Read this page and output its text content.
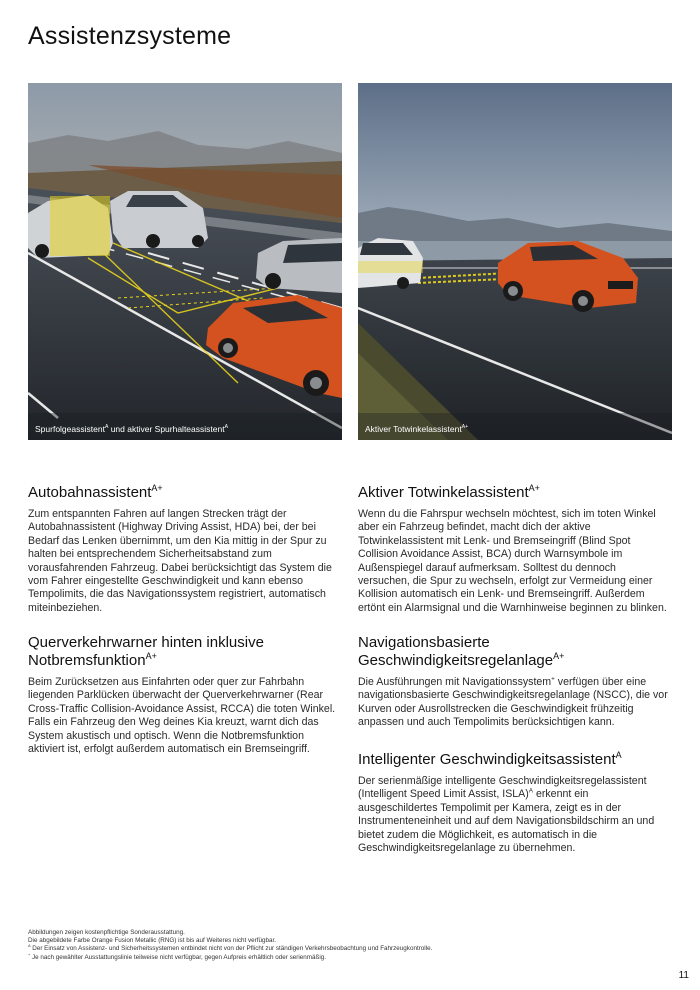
Assistenzsysteme
Spurfolgeassistent$^A$ und aktiver Spurhalteassistent$^A$	Aktiver Totwinkelassistent$^{A+}$
Autobahnassistent$^{A+}$

Zum entspannten Fahren auf langen Strecken trägt der Autobahnassistent (Highway Driving Assist, HDA) bei, der bei Bedarf das Lenken übernimmt, um den Kia mittig in der Spur zu halten bei entsprechendem Sicherheitsabstand zum vorausfahrenden Fahrzeug. Dabei berücksichtigt das System die vom Fahrer eingestellte Geschwindigkeit und kann ebenso Tempolimits, die das Navigationssystem registriert, automatisch miteinbeziehen.

Querverkehrwarner hinten inklusive Notbremsfunktion$^{A+}$

Beim Zurücksetzen aus Einfahrten oder quer zur Fahrbahn liegenden Parklücken überwacht der Querverkehrwarner (Rear Cross-Traffic Collision-Avoidance Assist, RCCA) die toten Winkel. Falls ein Fahrzeug den Weg deines Kia kreuzt, warnt dich das System akustisch und optisch. Wenn die Notbremsfunktion aktiviert ist, erfolgt außerdem automatisch ein Bremseingriff.

Aktiver Totwinkelassistent$^{A+}$

Wenn du die Fahrspur wechseln möchtest, sich im toten Winkel aber ein Fahrzeug befindet, macht dich der aktive Totwinkelassistent mit Lenk- und Bremseingriff (Blind Spot Collision Avoidance Assist, BCA) durch Warnsymbole im Außenspiegel darauf aufmerksam. Solltest du dennoch versuchen, die Spur zu wechseln, erfolgt zur Vermeidung einer Kollision automatisch ein Lenk- und Bremseingriff. Außerdem ertönt ein Alarmsignal und die Warnhinweise beginnen zu blinken.

Navigationsbasierte Geschwindigkeitsregelanlage$^{A+}$

Die Ausführungen mit Navigationssystem+ verfügen über eine navigationsbasierte Geschwindigkeitsregelanlage (NSCC), die vor Kurven oder Ausrollstrecken die Geschwindigkeit frühzeitig anpassen und auch Tempolimits berücksichtigen kann.

Intelligenter Geschwindigkeitsassistent$^A$

Der serienmäßige intelligente Geschwindigkeitsregelassistent (Intelligent Speed Limit Assist, ISLA)$^A$ erkennt ein ausgeschildertes Tempolimit per Kamera, zeigt es in der Instrumenteneinheit und auf dem Navigationsbildschirm an und bietet zudem die Möglichkeit, es automatisch in die Geschwindigkeitsregelanlage zu übernehmen.

Abbildungen zeigen kostenpflichtige Sonderausstattung.
Die abgebildete Farbe Orange Fusion Metallic (RNG) ist bis auf Weiteres nicht verfügbar.
$^A$ Der Einsatz von Assistenz- und Sicherheitssystemen entbindet nicht von der Pflicht zur ständigen Verkehrsbeobachtung und Fahrzeugkontrolle.
+ Je nach gewählter Ausstattungslinie teilweise nicht verfügbar, gegen Aufpreis erhältlich oder serienmäßig.
11
